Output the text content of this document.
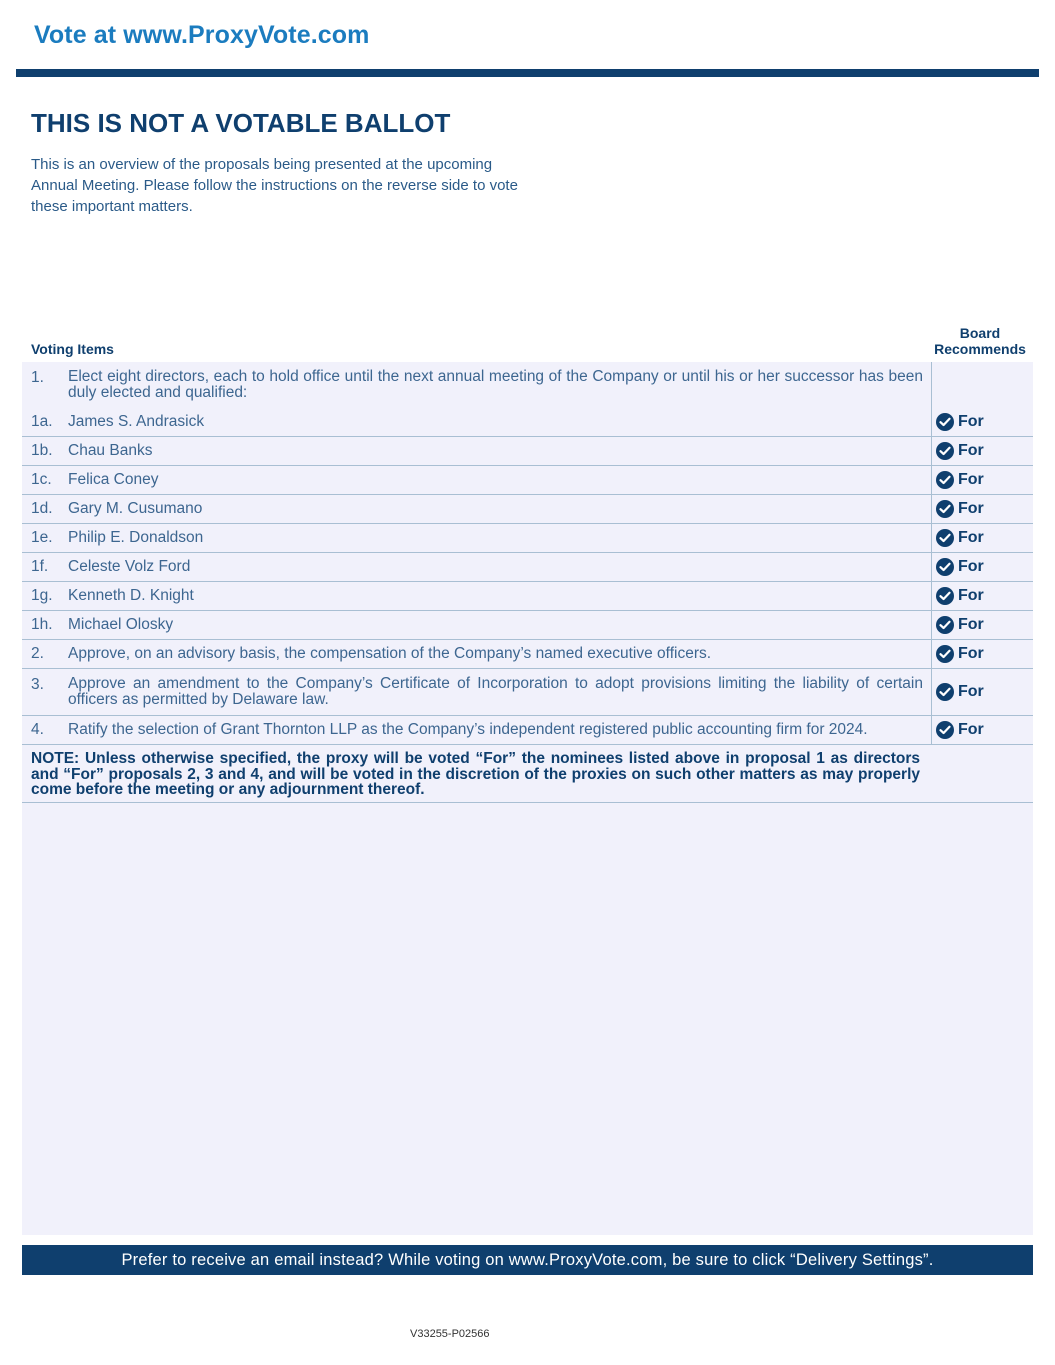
Vote at www.ProxyVote.com
THIS IS NOT A VOTABLE BALLOT

This is an overview of the proposals being presented at the upcoming Annual Meeting. Please follow the instructions on the reverse side to vote these important matters.

Voting Items
Board
Recommends
1.	Elect eight directors, each to hold office until the next annual meeting of the Company or until his or her successor has been duly elected and qualified:
1a. James S. Andrasick	For
1b. Chau Banks	For
1c.	Felica Coney	For
1d. Gary M. Cusumano	For
1e. Philip E. Donaldson	For
1f.	Celeste Volz Ford	For
1g. Kenneth D. Knight	For
1h. Michael Olosky	For
2.	Approve, on an advisory basis, the compensation of the Company’s named executive officers.	For
3.	Approve an amendment to the Company’s Certificate of Incorporation to adopt provisions limiting the liability of certain officers as permitted by Delaware law.	For
4.	Ratify the selection of Grant Thornton LLP as the Company’s independent registered public accounting firm for 2024.	For
NOTE: Unless otherwise specified, the proxy will be voted “For” the nominees listed above in proposal 1 as directors and “For” proposals 2, 3 and 4, and will be voted in the discretion of the proxies on such other matters as may properly come before the meeting or any adjournment thereof.
Prefer to receive an email instead? While voting on www.ProxyVote.com, be sure to click “Delivery Settings”.
V33255-P02566
